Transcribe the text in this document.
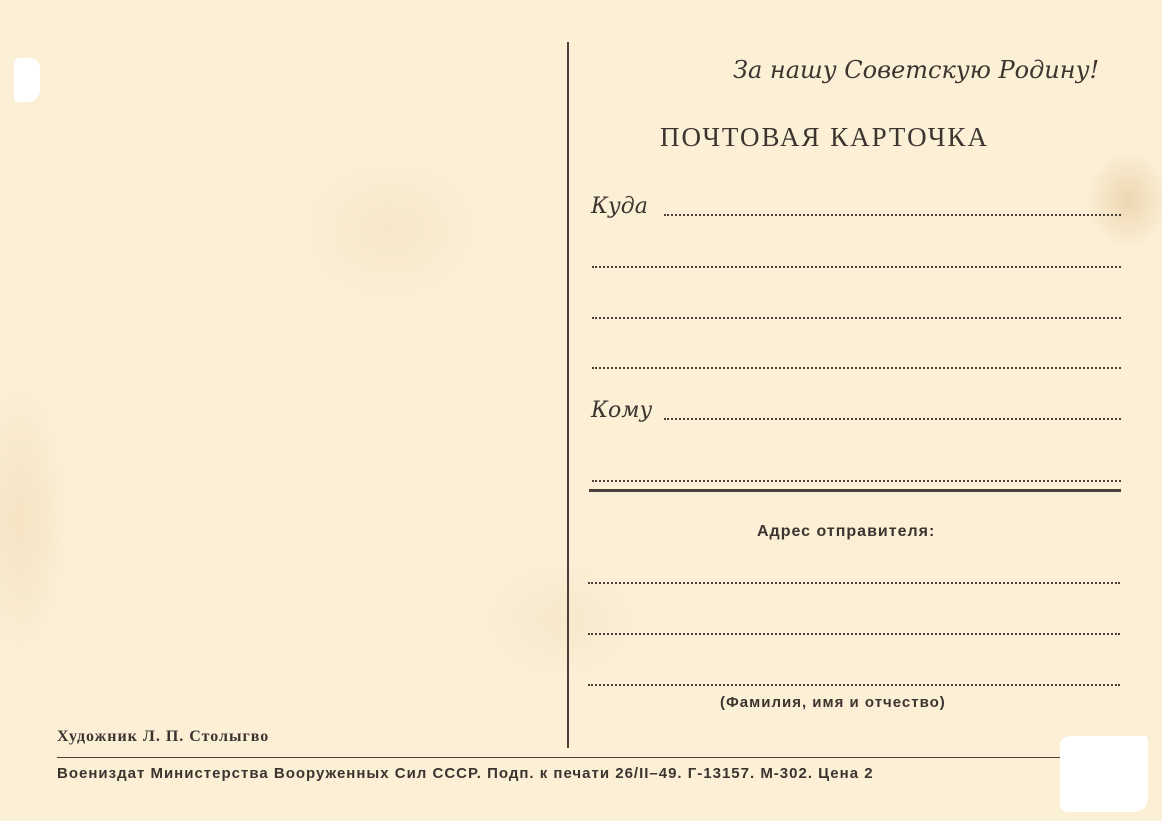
За нашу Советскую Родину!
ПОЧТОВАЯ КАРТОЧКА
Куда
Кому
Адрес отправителя:
(Фамилия, имя и отчество)
Художник Л. П. Столыгво
Воениздат Министерства Вооруженных Сил СССР. Подп. к печати 26/II–49. Г-13157. М-302. Цена 2
